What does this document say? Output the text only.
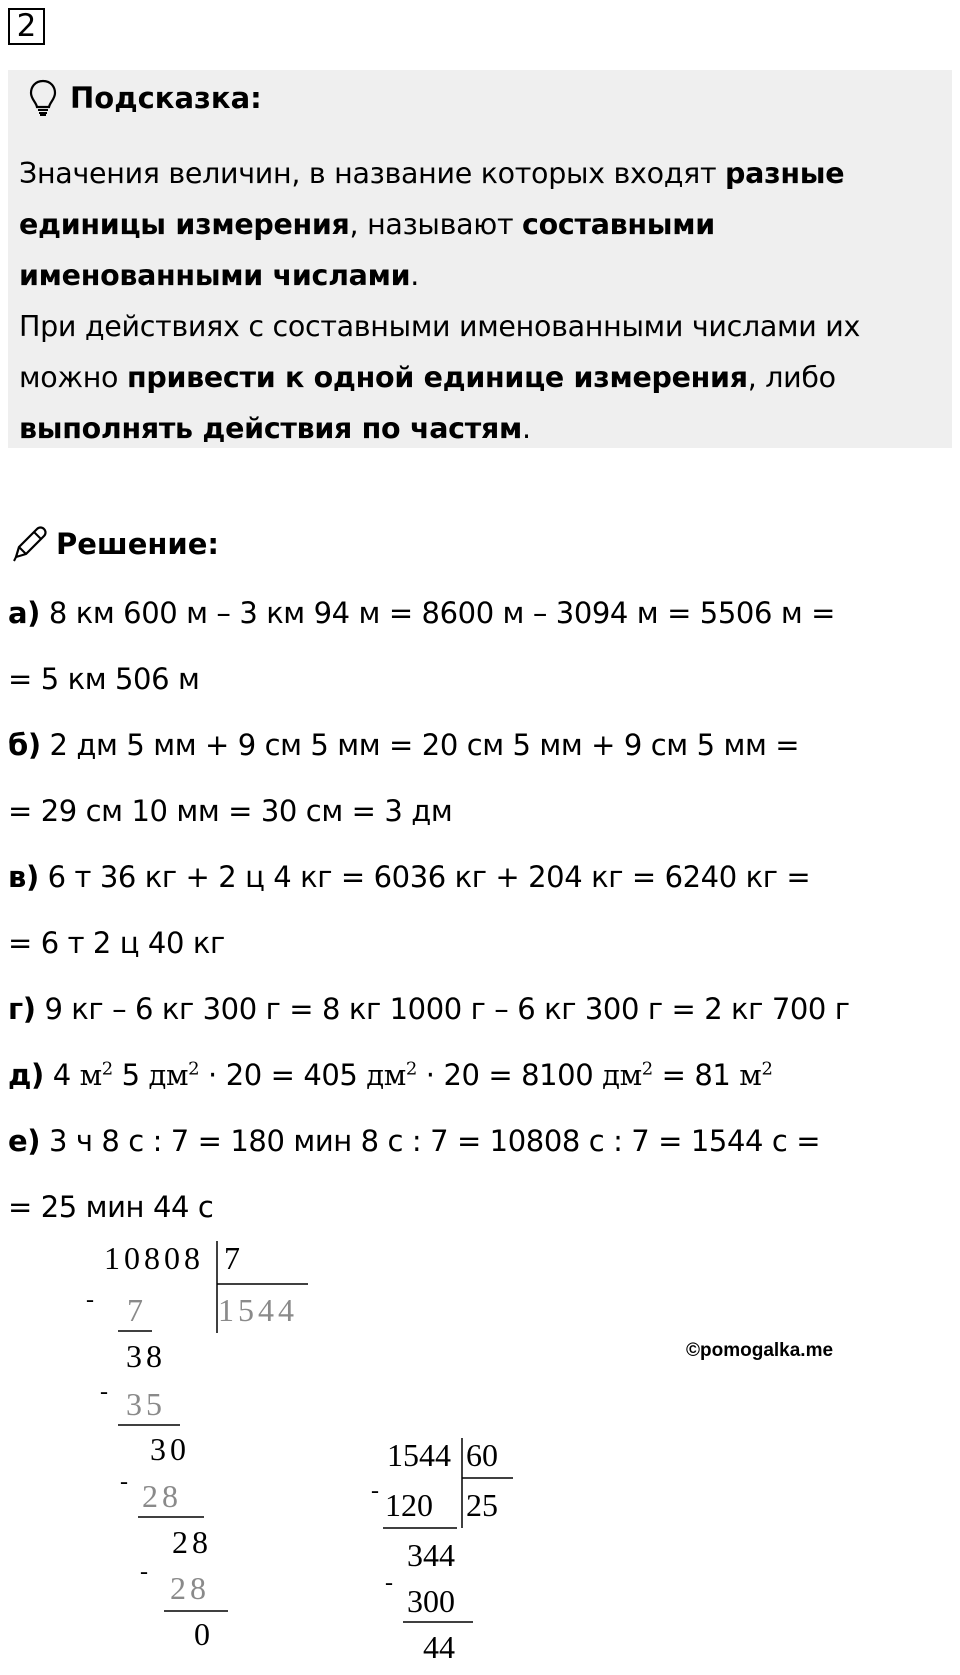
2
Подсказка:
Значения величин, в название которых входят разные
единицы измерения, называют составными
именованными числами.
При действиях с составными именованными числами их
можно привести к одной единице измерения, либо
выполнять действия по частям.
Решение:
а) 8 км 600 м – 3 км 94 м = 8600 м – 3094 м = 5506 м =
= 5 км 506 м
б) 2 дм 5 мм + 9 см 5 мм = 20 см 5 мм + 9 см 5 мм =
= 29 см 10 мм = 30 см = 3 дм
в) 6 т 36 кг + 2 ц 4 кг = 6036 кг + 204 кг = 6240 кг =
= 6 т 2 ц 40 кг
г) 9 кг – 6 кг 300 г = 8 кг 1000 г – 6 кг 300 г = 2 кг 700 г
д) 4 $м^2$ 5 $дм^2 \cdot 20 = 405$ $дм^2 \cdot 20 = 8100$ $дм^2 = 81$ $м^2$
е) 3 ч 8 с : 7 = 180 мин 8 с : 7 = 10808 с : 7 = 1544 с =
= 25 мин 44 с
10808 7
1544
- 7
38
- 35
30
- 28
28
- 28
0
1544 60
25
- 120
344
- 300
44
©pomogalka.me
